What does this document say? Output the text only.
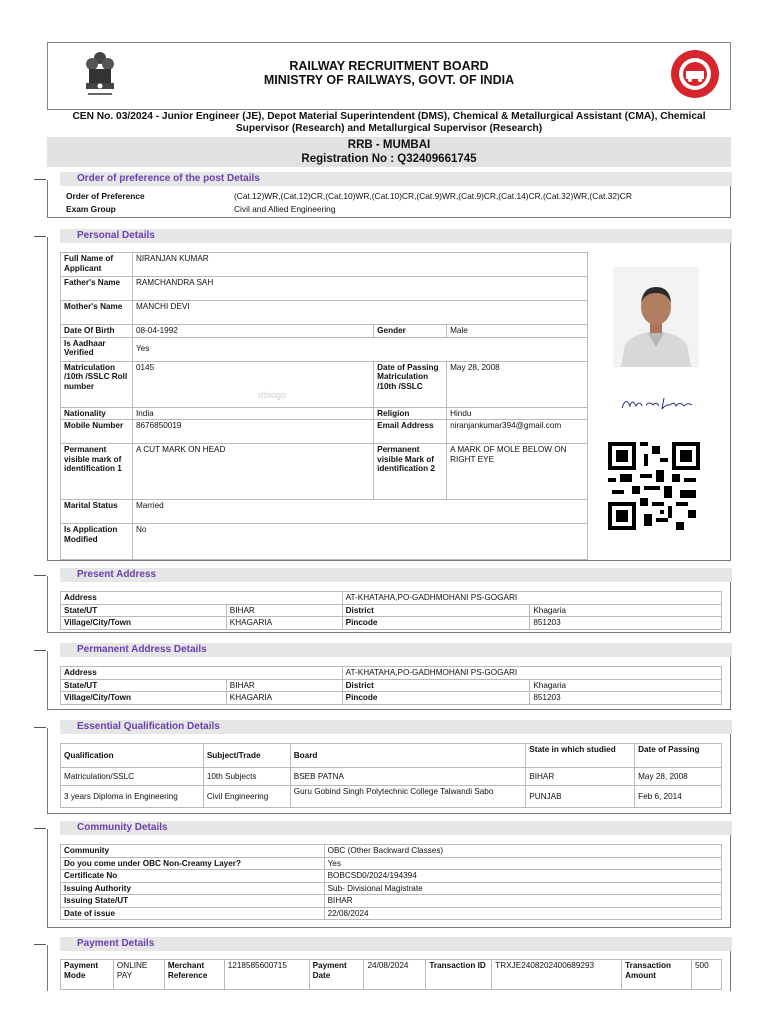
RAILWAY RECRUITMENT BOARD
MINISTRY OF RAILWAYS, GOVT. OF INDIA
CEN No. 03/2024 - Junior Engineer (JE), Depot Material Superintendent (DMS), Chemical & Metallurgical Assistant (CMA), Chemical
Supervisor (Research) and Metallurgical Supervisor (Research)
RRB - MUMBAI
Registration No : Q32409661745
Order of preference of the post Details
Order of Preference	(Cat.12)WR,(Cat.12)CR,(Cat.10)WR,(Cat.10)CR,(Cat.9)WR,(Cat.9)CR,(Cat.14)CR,(Cat.32)WR,(Cat.32)CR
Exam Group	Civil and Allied Engineering
Personal Details
Full Name of Applicant	NIRANJAN KUMAR		
Father's Name	RAMCHANDRA SAH		
Mother's Name	MANCHI DEVI		
Date Of Birth	08-04-1992	Gender	Male
Is Aadhaar Verified	Yes		
Matriculation /10th /SSLC Roll number	0145	Date of Passing Matriculation /10th /SSLC	May 28, 2008
Nationality	India	Religion	Hindu
Mobile Number	8676850019	Email Address	niranjankumar394@gmail.com
Permanent visible mark of identification 1	A CUT MARK ON HEAD	Permanent visible Mark of identification 2	A MARK OF MOLE BELOW ON RIGHT EYE
Marital Status	Married		
Is Application Modified	No		
rrblogo
Present Address
Address		AT-KHATAHA,PO-GADHMOHANI PS-GOGARI	
State/UT	BIHAR	District	Khagaria
Village/City/Town	KHAGARIA	Pincode	851203
Permanent Address Details
Address		AT-KHATAHA,PO-GADHMOHANI PS-GOGARI	
State/UT	BIHAR	District	Khagaria
Village/City/Town	KHAGARIA	Pincode	851203
Essential Qualification Details
Qualification	Subject/Trade	Board	State in which studied	Date of Passing
Matriculation/SSLC	10th Subjects	BSEB PATNA	BIHAR	May 28, 2008
3 years Diploma in Engineering	Civil Engineering	Guru Gobind Singh Polytechnic College Talwandi Sabo	PUNJAB	Feb 6, 2014
Community Details
Community	OBC (Other Backward Classes)
Do you come under OBC Non-Creamy Layer?	Yes
Certificate No	BOBCSD0/2024/194394
Issuing Authority	Sub- Divisional Magistrate
Issuing State/UT	BIHAR
Date of issue	22/08/2024
Payment Details
Payment Mode	ONLINE PAY	Merchant Reference	1218585600715	Payment Date	24/08/2024	Transaction ID	TRXJE2408202400689293	Transaction Amount	500
